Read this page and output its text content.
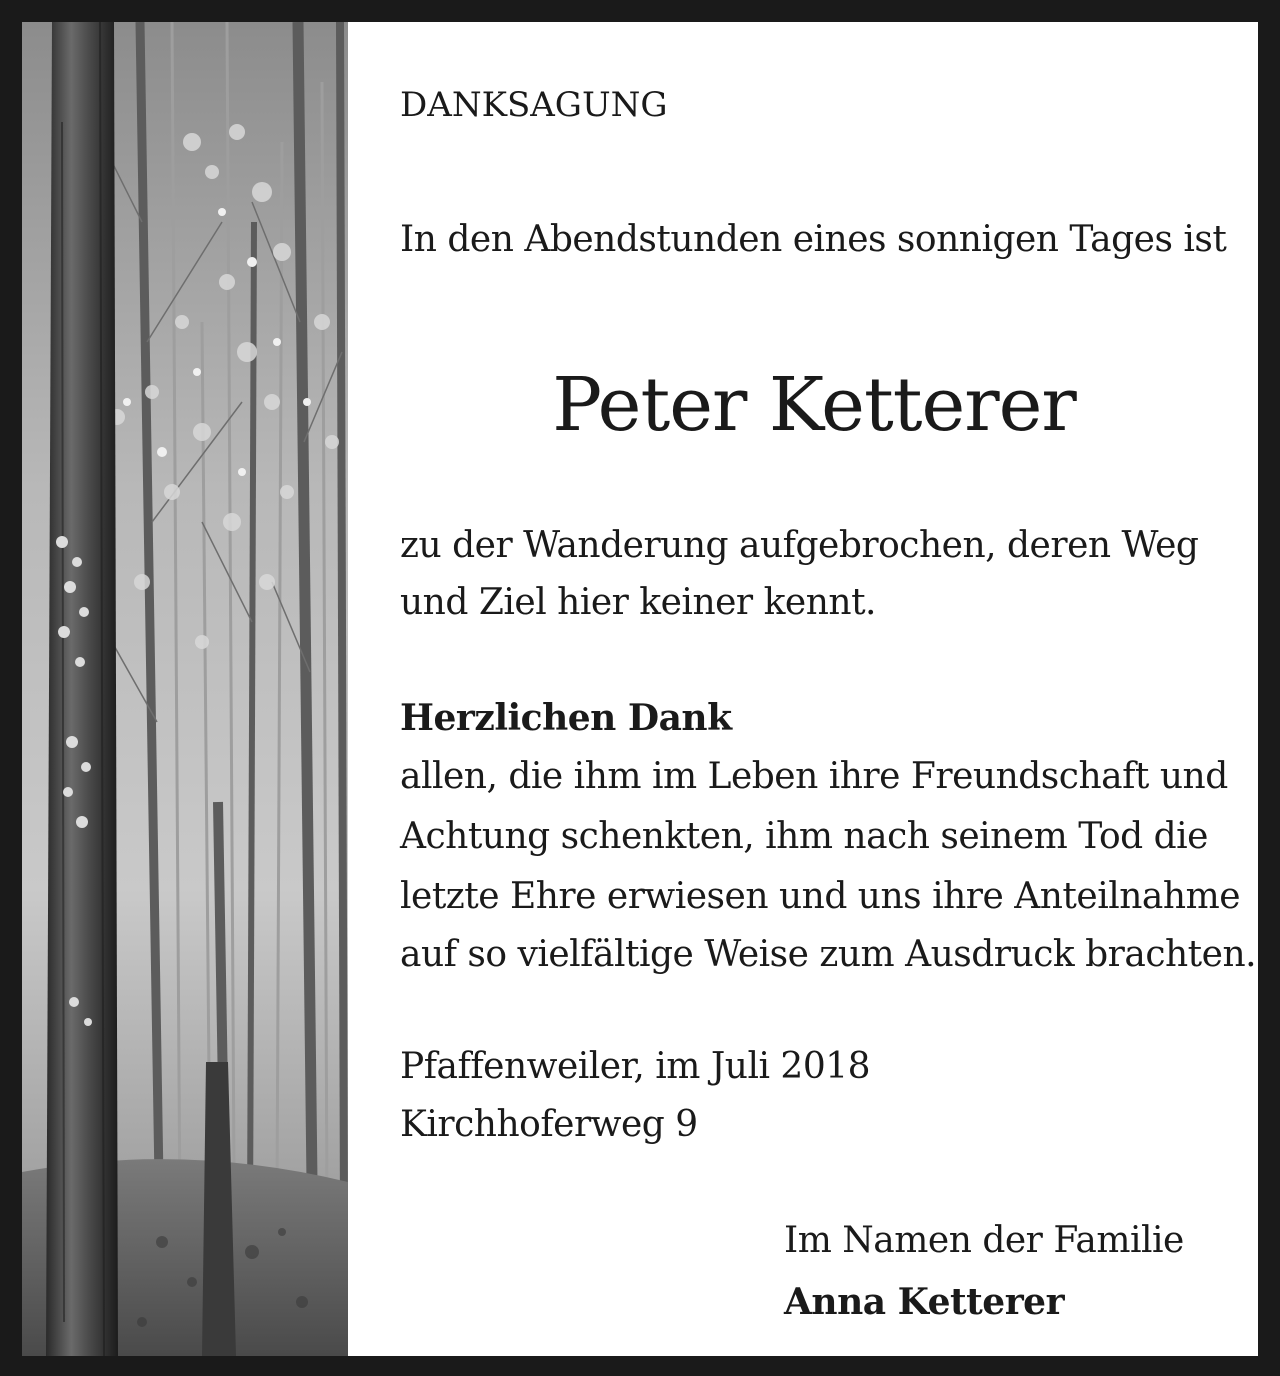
DANKSAGUNG
In den Abendstunden eines sonnigen Tages ist
Peter Ketterer
zu der Wanderung aufgebrochen, deren Weg
und Ziel hier keiner kennt.
Herzlichen Dank
allen, die ihm im Leben ihre Freundschaft und
Achtung schenkten, ihm nach seinem Tod die
letzte Ehre erwiesen und uns ihre Anteilnahme
auf so vielfältige Weise zum Ausdruck brachten.
Pfaffenweiler, im Juli 2018
Kirchhoferweg 9
Im Namen der Familie
Anna Ketterer
